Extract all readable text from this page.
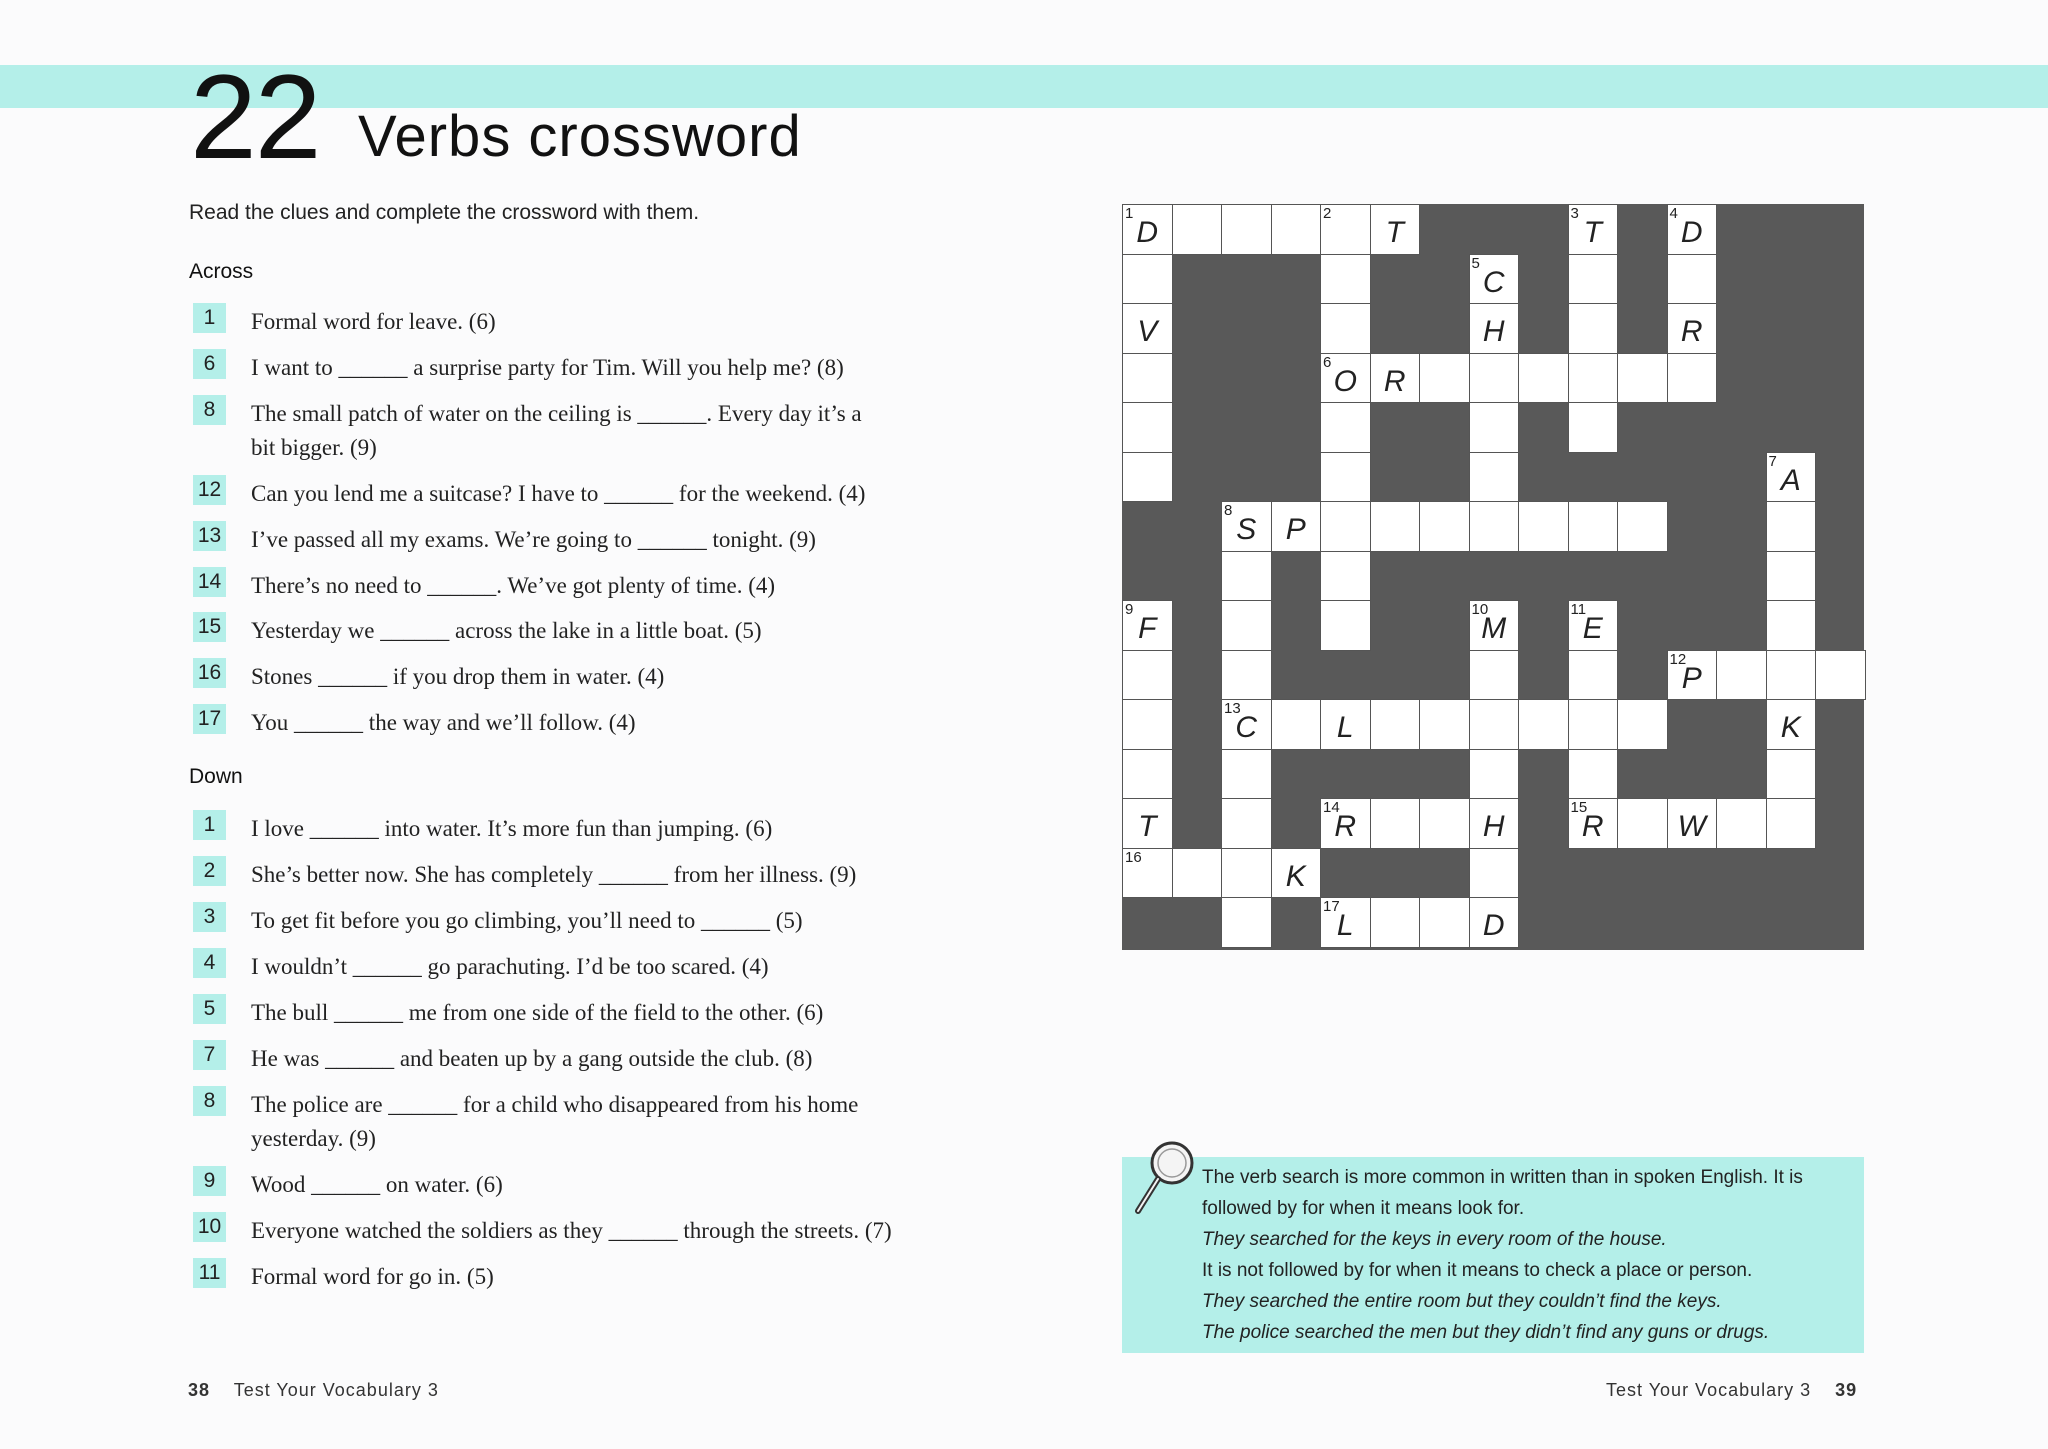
22 Verbs crossword
Read the clues and complete the crossword with them.
Across
1	Formal word for leave. (6)
6	I want to ______ a surprise party for Tim. Will you help me? (8)
8	The small patch of water on the ceiling is ______. Every day it’s a
bit bigger. (9)
12 Can you lend me a suitcase? I have to ______ for the weekend. (4)
13 I’ve passed all my exams. We’re going to ______ tonight. (9)
14 There’s no need to ______. We’ve got plenty of time. (4)
15 Yesterday we ______ across the lake in a little boat. (5)
16 Stones ______ if you drop them in water. (4)
17 You ______ the way and we’ll follow. (4)
Down
1	I love ______ into water. It’s more fun than jumping. (6)
2	She’s better now. She has completely ______ from her illness. (9)
3	To get fit before you go climbing, you’ll need to ______ (5)
4	I wouldn’t ______ go parachuting. I’d be too scared. (4)
5	The bull ______ me from one side of the field to the other. (6)
7	He was ______ and beaten up by a gang outside the club. (8)
8	The police are ______ for a child who disappeared from his home
yesterday. (9)
9	Wood ______ on water. (6)
10 Everyone watched the soldiers as they ______ through the streets. (7)
11 Formal word for go in. (5)
1
D
2
T
3
T
4
D
5
C
V	H	R
6
O R
7
A
8
S P
9
F
10
M
11
E
12
P
13
C	L	K
T
14
R	H
15
R	W
16
K
17
L	D
The verb search is more common in written than in spoken English. It is
followed by for when it means look for.
They searched for the keys in every room of the house.
It is not followed by for when it means to check a place or person.
They searched the entire room but they couldn’t find the keys.
The police searched the men but they didn’t find any guns or drugs.
38 Test Your Vocabulary 3	Test Your Vocabulary 3 39
